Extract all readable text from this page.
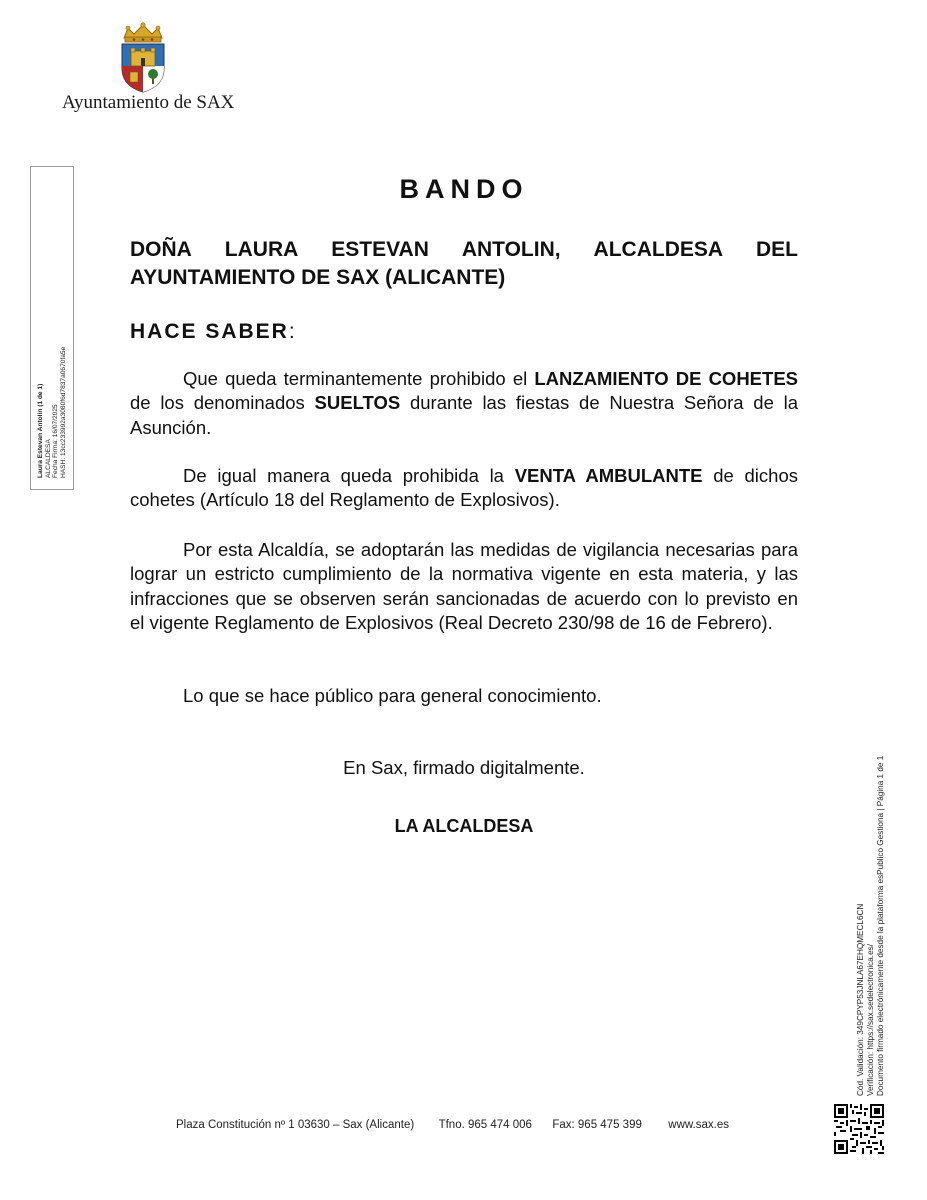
Ayuntamiento de SAX
Laura Estevan Antolin (1 de 1) ALCALDESA Fecha Firma: 16/07/2025 HASH: 13cc233992a3080f6d7837a0670fa5e
BANDO
DOÑA LAURA ESTEVAN ANTOLIN, ALCALDESA DEL AYUNTAMIENTO DE SAX (ALICANTE)
HACE SABER:
Que queda terminantemente prohibido el LANZAMIENTO DE COHETES de los denominados SUELTOS durante las fiestas de Nuestra Señora de la Asunción.
De igual manera queda prohibida la VENTA AMBULANTE de dichos cohetes (Artículo 18 del Reglamento de Explosivos).
Por esta Alcaldía, se adoptarán las medidas de vigilancia necesarias para lograr un estricto cumplimiento de la normativa vigente en esta materia, y las infracciones que se observen serán sancionadas de acuerdo con lo previsto en el vigente Reglamento de Explosivos (Real Decreto 230/98 de 16 de Febrero).
Lo que se hace público para general conocimiento.
En Sax, firmado digitalmente.
LA ALCALDESA
Cód. Validación: 349CPYP53JNLA67EHQMECL6CN Verificación: https://sax.sedelectronica.es/ Documento firmado electrónicamente desde la plataforma esPublico Gestiona | Página 1 de 1
Plaza Constitución nº 1 03630 – Sax (Alicante) Tfno. 965 474 006 Fax: 965 475 399 www.sax.es
